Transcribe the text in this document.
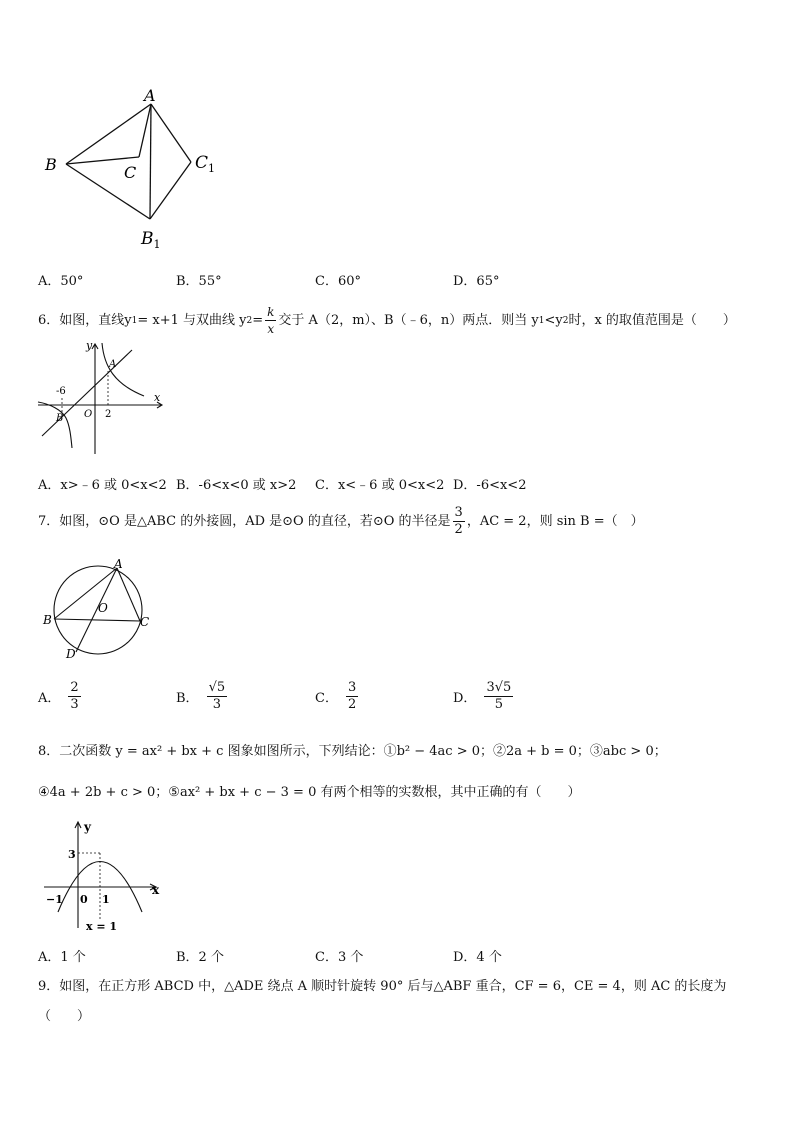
A
B	C	$C_1$
$B_1$
A．50°	B．55°	C．60°	D．65°
6．如图，直线y 1 = x+1 与双曲线 y $2 = \frac{k}{x}$ 交于 A（2，m）、B（﹣6，n）两点．则当 y 1 <y 2 时，x 的取值范围是（　　）
y
x
A
B O
-6
2
A．x>﹣6 或 0<x<2 B．-6<x<0 或 x>2 C．x<﹣6 或 0<x<2 D．-6<x<2
7．如图，⊙O 是△ABC 的外接圆，AD 是⊙O 的直径，若⊙O 的半径是 $\frac{3}{2}$ ，AC = 2，则 sin B =（　）
A
B	C
D
O
A． $\frac{2}{3}$	B． $\frac{√5}{3}$	C． $\frac{3}{2}$	D． $\frac{3√5}{5}$
8．二次函数 y = ax² + bx + c 图象如图所示，下列结论：①b² − 4ac > 0；②2a + b = 0；③abc > 0；
④4a + 2b + c > 0；⑤ax² + bx + c − 3 = 0 有两个相等的实数根，其中正确的有（　　）
y
x
3
−1 0 1
x = 1
A．1 个	B．2 个	C．3 个	D．4 个
9．如图，在正方形 ABCD 中，△ADE 绕点 A 顺时针旋转 90° 后与△ABF 重合，CF = 6，CE = 4，则 AC 的长度为
（　　）
